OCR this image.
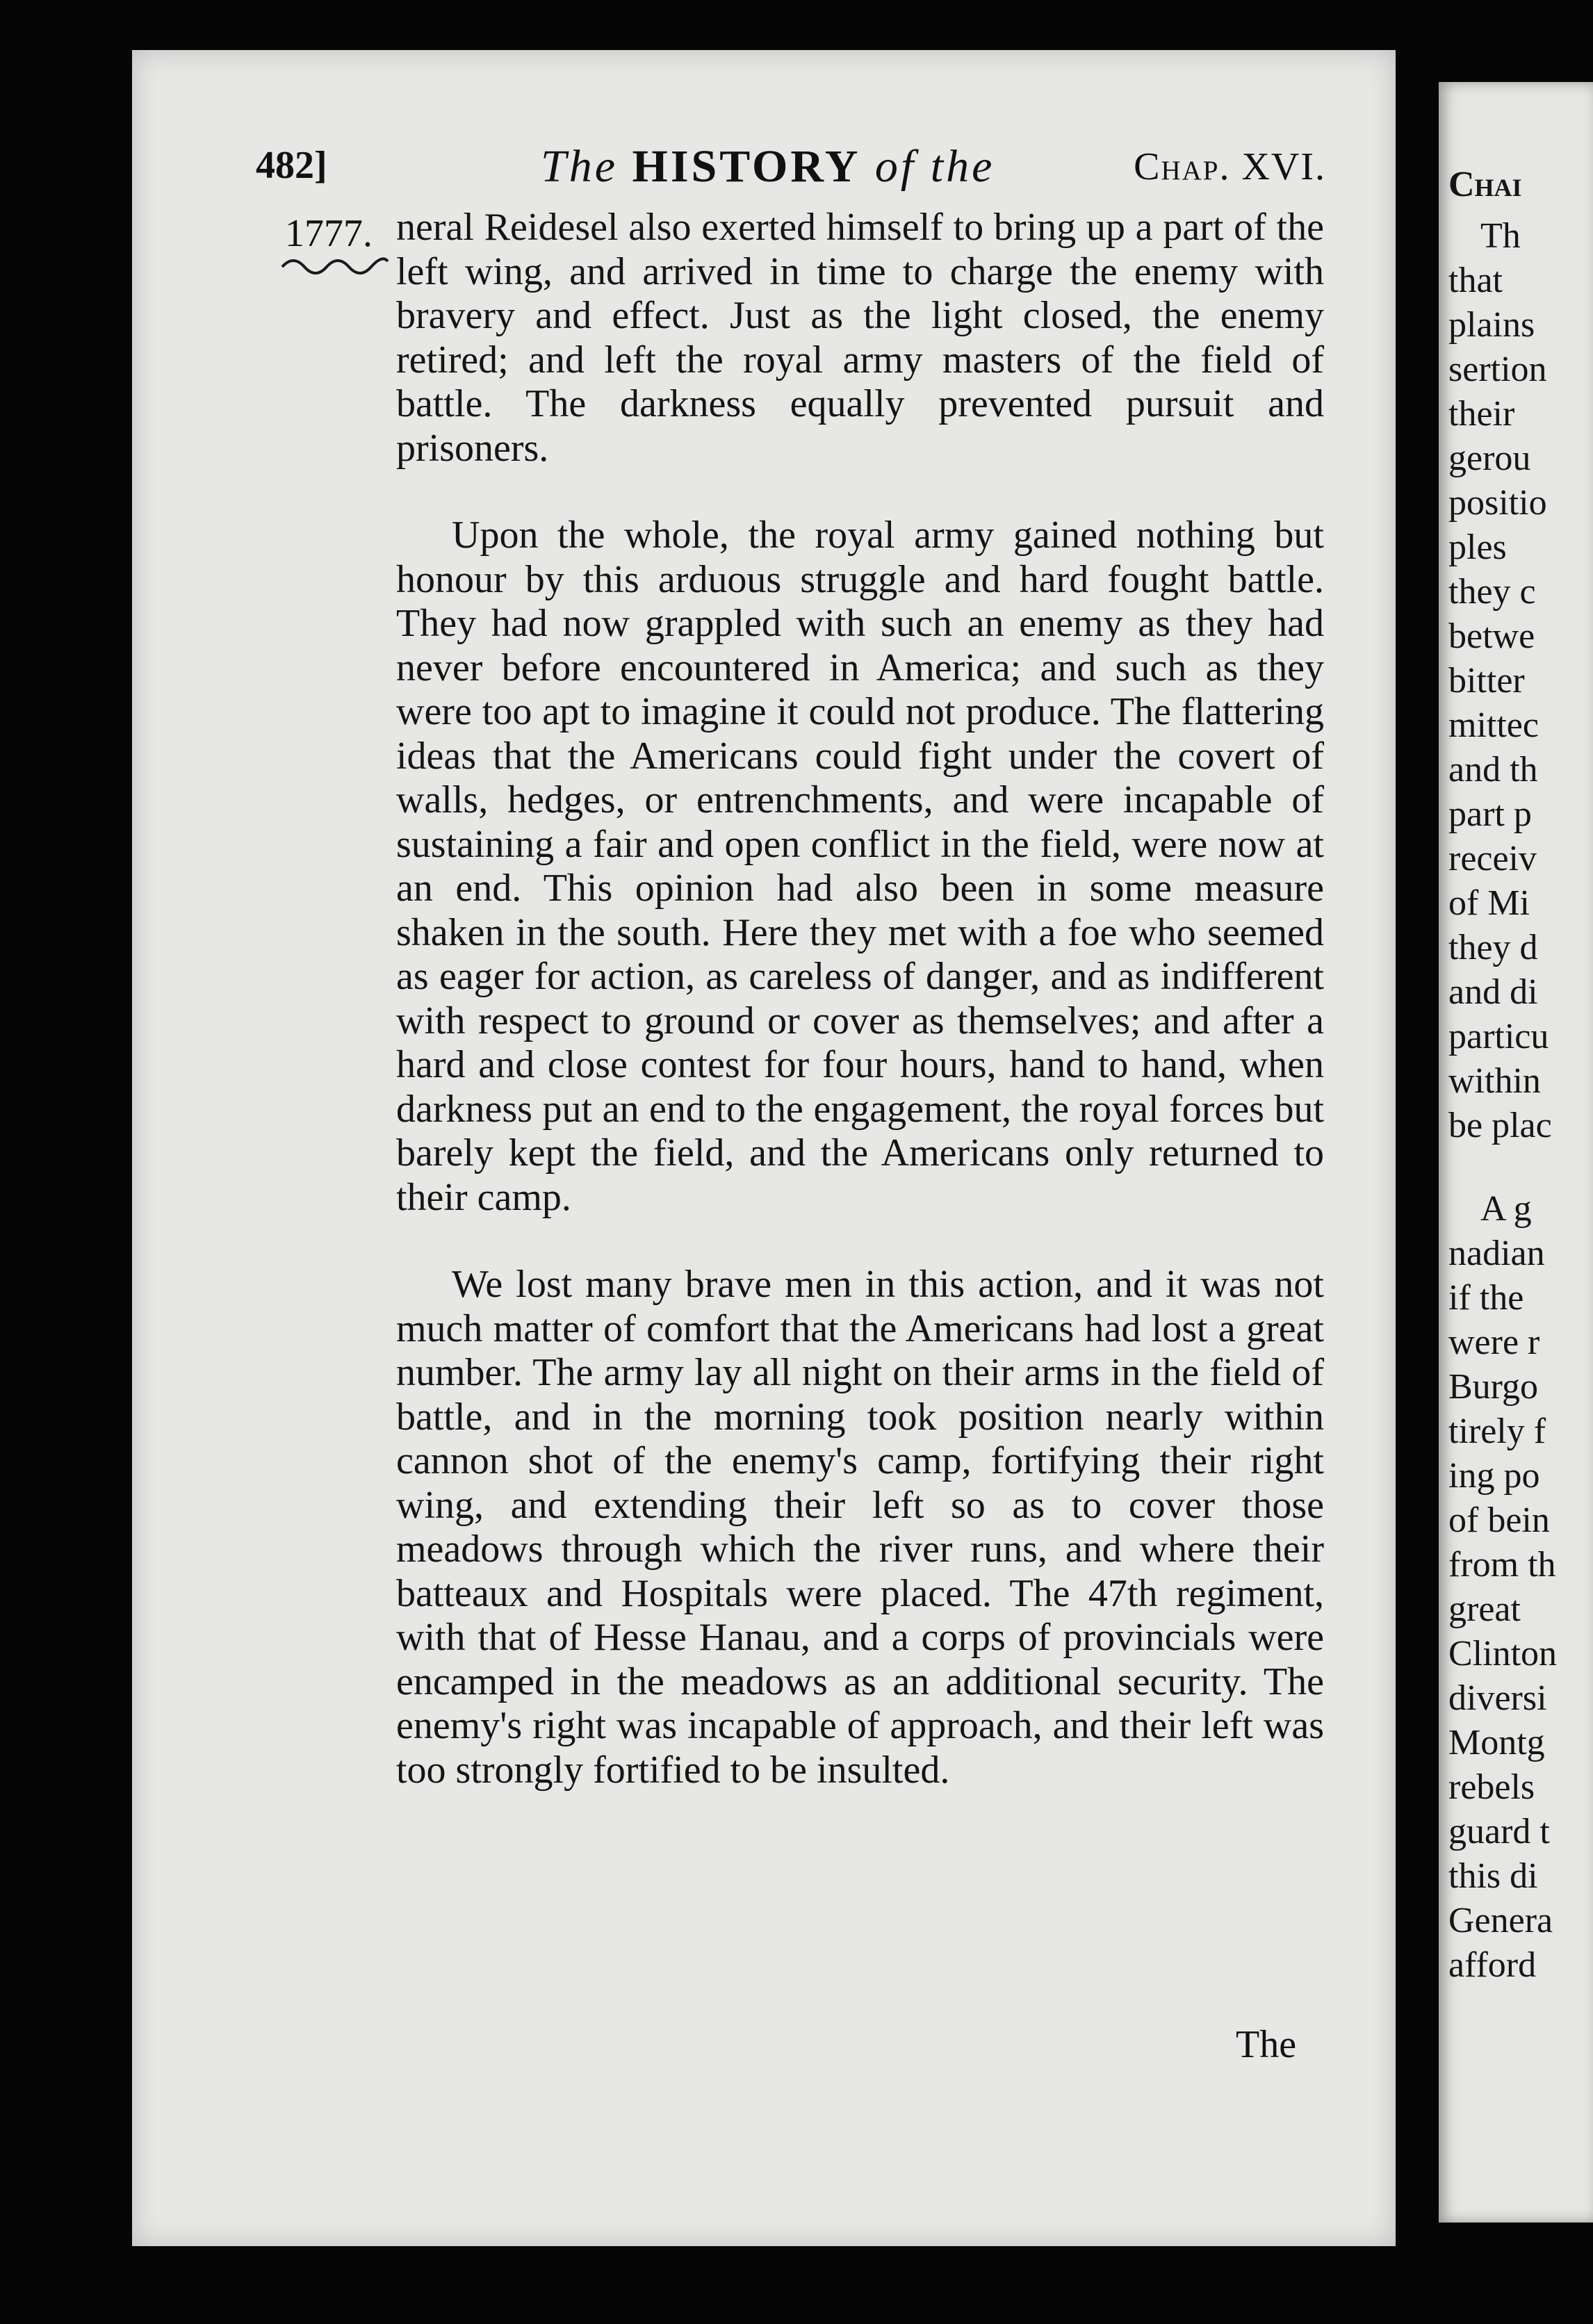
Chai
Th
that
plains
sertion
their
gerou
positio
ples
they c
betwe
bitter
mittec
and th
part p
receiv
of Mi
they d
and di
particu
within
be plac
A g
nadian
if the
were r
Burgo
tirely f
ing po
of bein
from th
great
Clinton
diversi
Montg
rebels
guard t
this di
Genera
afford
482]	The HISTORY of the	Chap. XVI.
1777. neral Reidesel also exerted himself to bring up a part of the left wing, and arrived in time to charge the enemy with bravery and effect. Just as the light closed, the enemy retired; and left the royal army masters of the field of battle. The darkness equally prevented pursuit and prisoners.

Upon the whole, the royal army gained nothing but honour by this arduous struggle and hard fought battle. They had now grappled with such an enemy as they had never before encountered in America; and such as they were too apt to imagine it could not produce. The flattering ideas that the Americans could fight under the covert of walls, hedges, or entrenchments, and were incapable of sustaining a fair and open conflict in the field, were now at an end. This opinion had also been in some measure shaken in the south. Here they met with a foe who seemed as eager for action, as careless of danger, and as indifferent with respect to ground or cover as themselves; and after a hard and close contest for four hours, hand to hand, when darkness put an end to the engagement, the royal forces but barely kept the field, and the Americans only returned to their camp.

We lost many brave men in this action, and it was not much matter of comfort that the Americans had lost a great number. The army lay all night on their arms in the field of battle, and in the morning took position nearly within cannon shot of the enemy's camp, fortifying their right wing, and extending their left so as to cover those meadows through which the river runs, and where their batteaux and Hospitals were placed. The 47th regiment, with that of Hesse Hanau, and a corps of provincials were encamped in the meadows as an additional security. The enemy's right was incapable of approach, and their left was too strongly fortified to be insulted.

The
